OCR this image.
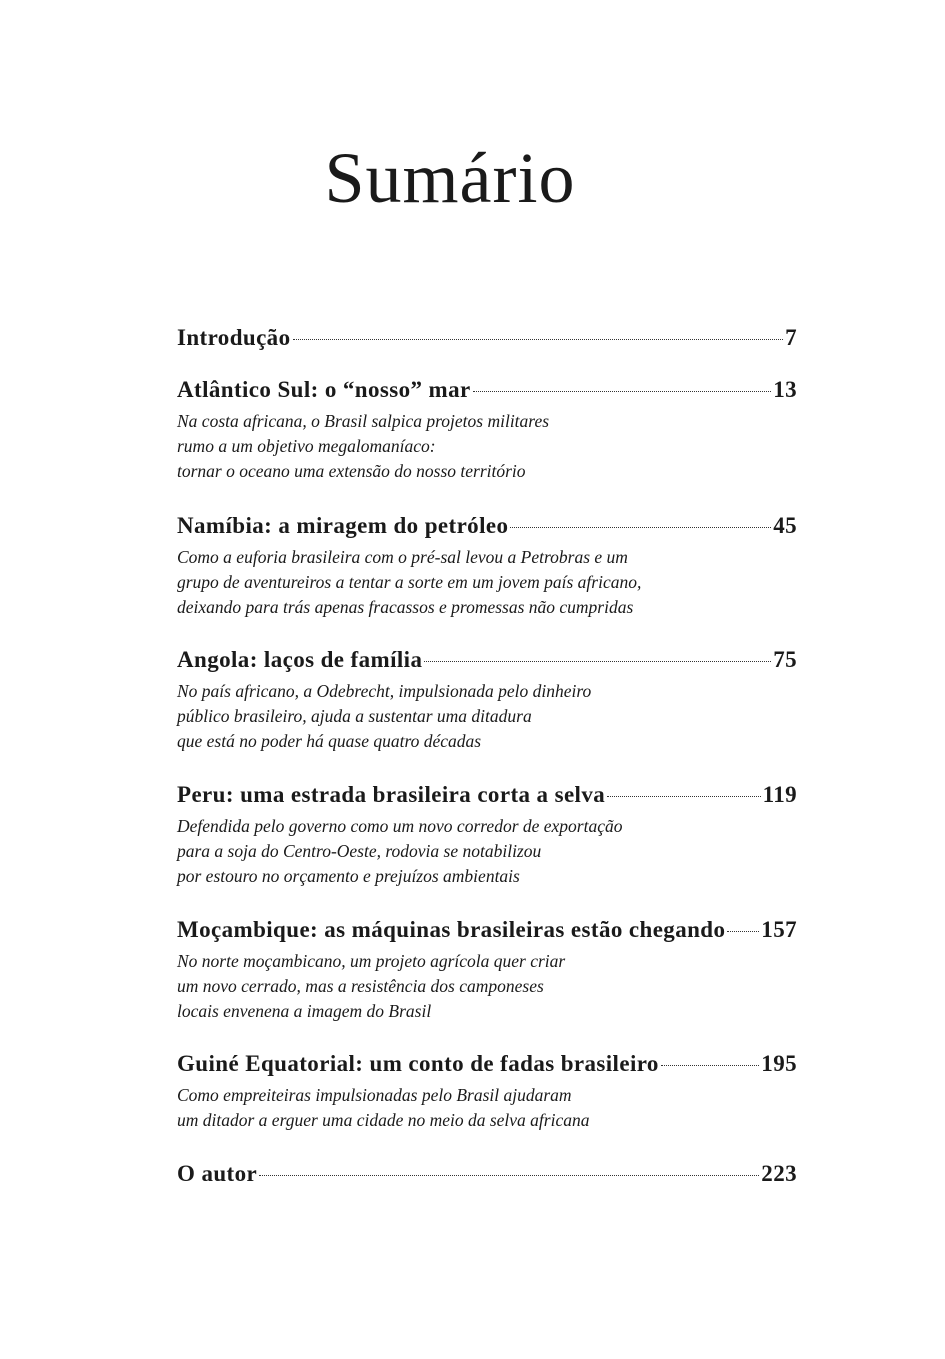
Sumário
Introdução	7
Atlântico Sul: o “nosso” mar	13
Na costa africana, o Brasil salpica projetos militares
rumo a um objetivo megalomaníaco:
tornar o oceano uma extensão do nosso território
Namíbia: a miragem do petróleo	45
Como a euforia brasileira com o pré-sal levou a Petrobras e um
grupo de aventureiros a tentar a sorte em um jovem país africano,
deixando para trás apenas fracassos e promessas não cumpridas
Angola: laços de família	75
No país africano, a Odebrecht, impulsionada pelo dinheiro
público brasileiro, ajuda a sustentar uma ditadura
que está no poder há quase quatro décadas
Peru: uma estrada brasileira corta a selva	119
Defendida pelo governo como um novo corredor de exportação
para a soja do Centro-Oeste, rodovia se notabilizou
por estouro no orçamento e prejuízos ambientais
Moçambique: as máquinas brasileiras estão chegando 157
No norte moçambicano, um projeto agrícola quer criar
um novo cerrado, mas a resistência dos camponeses
locais envenena a imagem do Brasil
Guiné Equatorial: um conto de fadas brasileiro	195
Como empreiteiras impulsionadas pelo Brasil ajudaram
um ditador a erguer uma cidade no meio da selva africana
O autor	223
